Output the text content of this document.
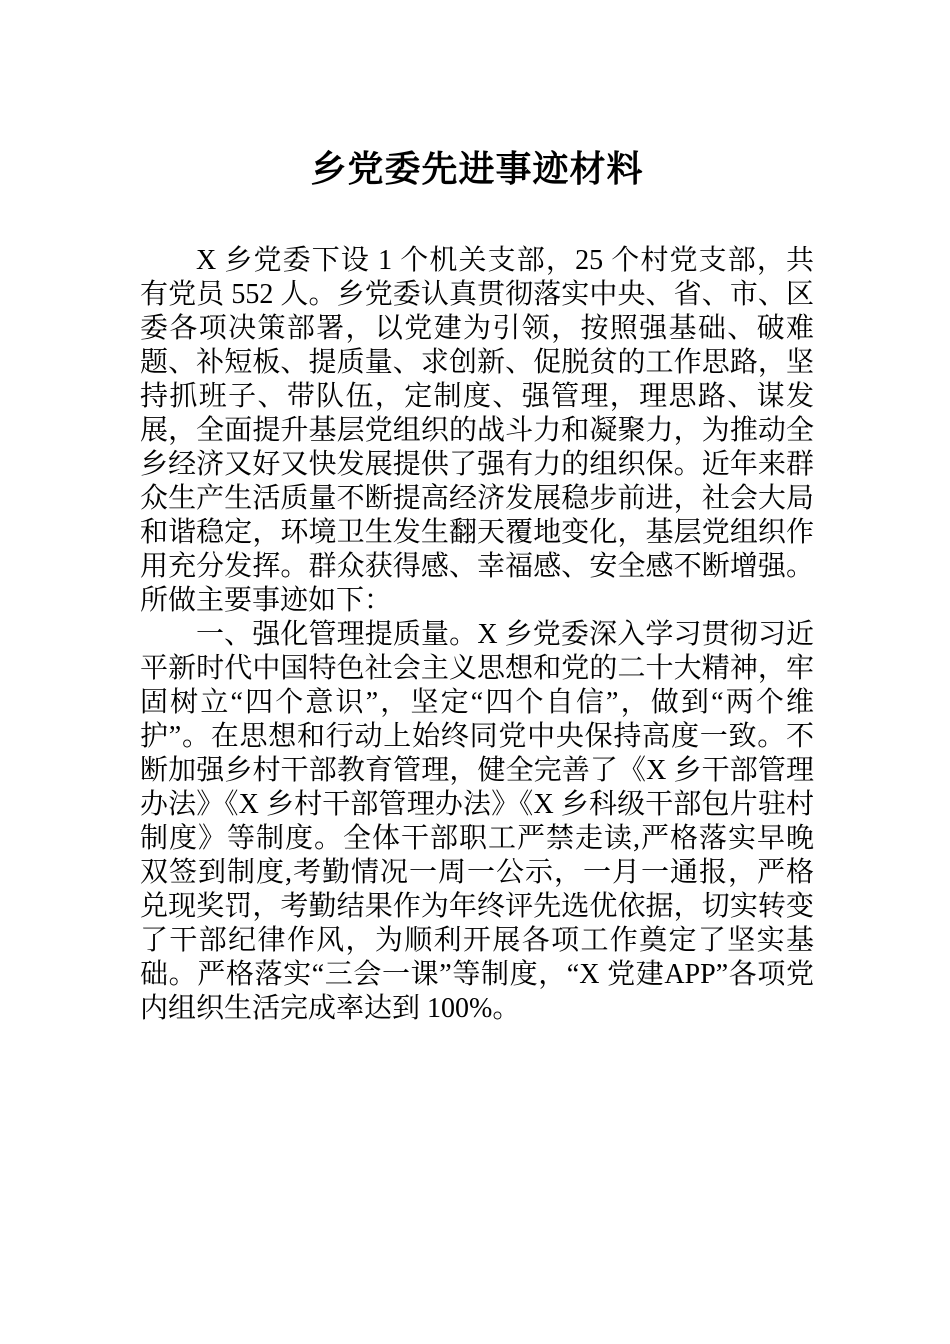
乡党委先进事迹材料

X 乡党委下设 1 个机关支部，25 个村党支部，共有党员 552 人。乡党委认真贯彻落实中央、省、市、区委各项决策部署，以党建为引领，按照强基础、破难题、补短板、提质量、求创新、促脱贫的工作思路，坚持抓班子、带队伍，定制度、强管理，理思路、谋发展，全面提升基层党组织的战斗力和凝聚力，为推动全乡经济又好又快发展提供了强有力的组织保。近年来群众生产生活质量不断提高经济发展稳步前进，社会大局和谐稳定，环境卫生发生翻天覆地变化，基层党组织作用充分发挥。群众获得感、幸福感、安全感不断增强。所做主要事迹如下：

一、强化管理提质量。X 乡党委深入学习贯彻习近平新时代中国特色社会主义思想和党的二十大精神，牢固树立“四个意识”，坚定“四个自信”，做到“两个维护”。在思想和行动上始终同党中央保持高度一致。不断加强乡村干部教育管理，健全完善了《X 乡干部管理办法》《X 乡村干部管理办法》《X 乡科级干部包片驻村制度》等制度。全体干部职工严禁走读,严格落实早晚双签到制度,考勤情况一周一公示，一月一通报，严格兑现奖罚，考勤结果作为年终评先选优依据，切实转变了干部纪律作风，为顺利开展各项工作奠定了坚实基础。严格落实“三会一课”等制度，“X 党建APP”各项党内组织生活完成率达到 100%。
